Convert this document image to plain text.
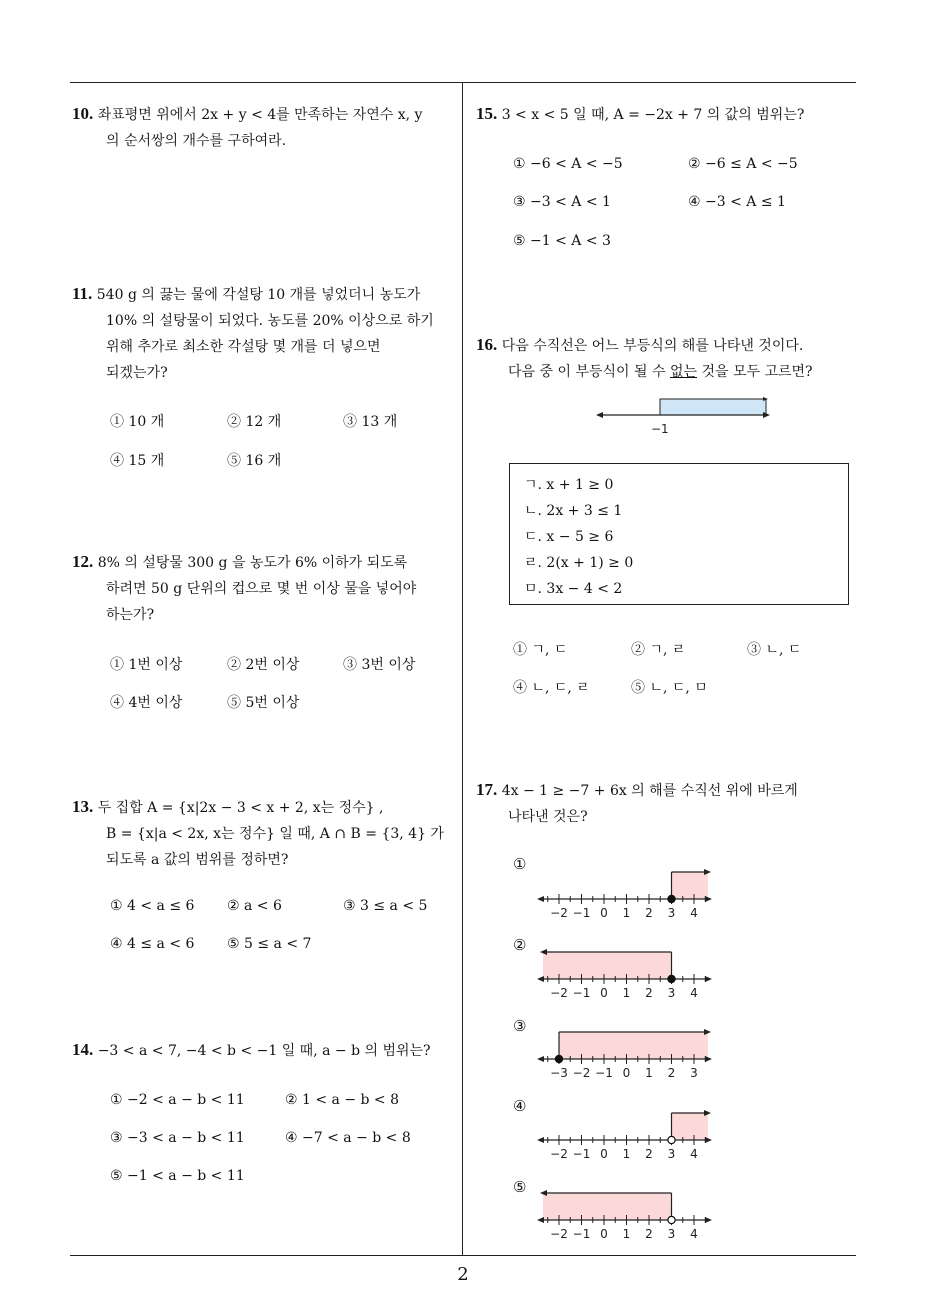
10. 좌표평면 위에서 2x + y < 4를 만족하는 자연수 x, y
의 순서쌍의 개수를 구하여라.
11. 540 g 의 끓는 물에 각설탕 10 개를 넣었더니 농도가
10% 의 설탕물이 되었다. 농도를 20% 이상으로 하기
위해 추가로 최소한 각설탕 몇 개를 더 넣으면
되겠는가?
① 10 개	② 12 개	③ 13 개
④ 15 개	⑤ 16 개
12. 8% 의 설탕물 300 g 을 농도가 6% 이하가 되도록
하려면 50 g 단위의 컵으로 몇 번 이상 물을 넣어야
하는가?
① 1번 이상	② 2번 이상	③ 3번 이상
④ 4번 이상	⑤ 5번 이상
13. 두 집합 A = {x|2x − 3 < x + 2, x는 정수} ,
B = {x|a < 2x, x는 정수} 일 때, A ∩ B = {3, 4} 가
되도록 a 값의 범위를 정하면?
① 4 < a ≤ 6 ② a < 6	③ 3 ≤ a < 5
④ 4 ≤ a < 6 ⑤ 5 ≤ a < 7
14. −3 < a < 7, −4 < b < −1 일 때, a − b 의 범위는?
① −2 < a − b < 11	② 1 < a − b < 8
③ −3 < a − b < 11	④ −7 < a − b < 8
⑤ −1 < a − b < 11
15. 3 < x < 5 일 때, A = −2x + 7 의 값의 범위는?
① −6 < A < −5	② −6 ≤ A < −5
③ −3 < A < 1	④ −3 < A ≤ 1
⑤ −1 < A < 3
16. 다음 수직선은 어느 부등식의 해를 나타낸 것이다.
다음 중 이 부등식이 될 수 없는 것을 모두 고르면?
−1
ㄱ. x + 1 ≥ 0
ㄴ. 2x + 3 ≤ 1
ㄷ. x − 5 ≥ 6
ㄹ. 2(x + 1) ≥ 0
ㅁ. 3x − 4 < 2
① ㄱ, ㄷ	② ㄱ, ㄹ	③ ㄴ, ㄷ
④ ㄴ, ㄷ, ㄹ	⑤ ㄴ, ㄷ, ㅁ
17. 4x − 1 ≥ −7 + 6x 의 해를 수직선 위에 바르게
나타낸 것은?
①
②
③
④
⑤
−2 −1 0 1 2 3 4
−2 −1 0 1 2 3 4
−3 −2 −1 0 1 2 3
−2 −1 0 1 2 3 4
−2 −1 0 1 2 3 4
2
